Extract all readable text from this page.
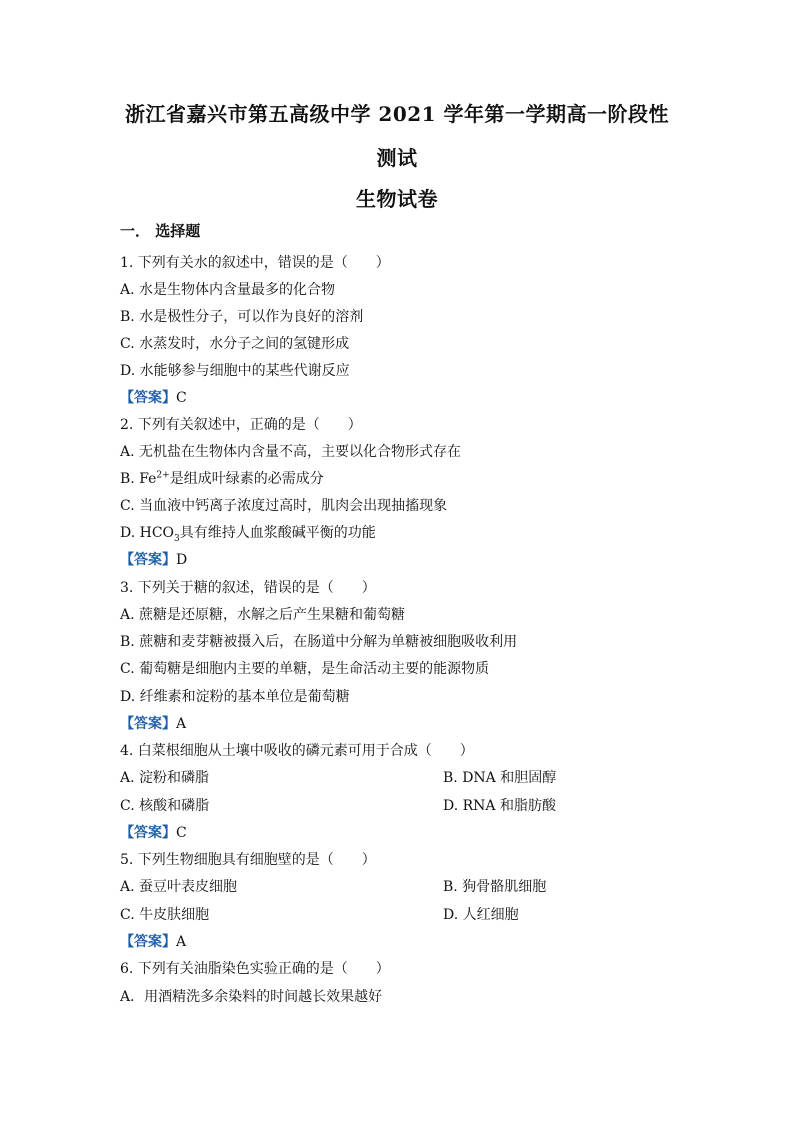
浙江省嘉兴市第五高级中学 2021 学年第一学期高一阶段性
测试
生物试卷
一． 选择题
1. 下列有关水的叙述中，错误的是（　　）
A. 水是生物体内含量最多的化合物
B. 水是极性分子，可以作为良好的溶剂
C. 水蒸发时，水分子之间的氢键形成
D. 水能够参与细胞中的某些代谢反应
【答案】C
2. 下列有关叙述中，正确的是（　　）
A. 无机盐在生物体内含量不高，主要以化合物形式存在
B. $Fe^{2+}$是组成叶绿素的必需成分
C. 当血液中钙离子浓度过高时，肌肉会出现抽搐现象
D. $HCO_3$具有维持人血浆酸碱平衡的功能
【答案】D
3. 下列关于糖的叙述，错误的是（　　）
A. 蔗糖是还原糖，水解之后产生果糖和葡萄糖
B. 蔗糖和麦芽糖被摄入后，在肠道中分解为单糖被细胞吸收利用
C. 葡萄糖是细胞内主要的单糖，是生命活动主要的能源物质
D. 纤维素和淀粉的基本单位是葡萄糖
【答案】A
4. 白菜根细胞从土壤中吸收的磷元素可用于合成（　　）
A. 淀粉和磷脂	B. DNA 和胆固醇
C. 核酸和磷脂	D. RNA 和脂肪酸
【答案】C
5. 下列生物细胞具有细胞壁的是（　　）
A. 蚕豆叶表皮细胞	B. 狗骨骼肌细胞
C. 牛皮肤细胞	D. 人红细胞
【答案】A
6. 下列有关油脂染色实验正确的是（　　）
A．用酒精洗多余染料的时间越长效果越好
